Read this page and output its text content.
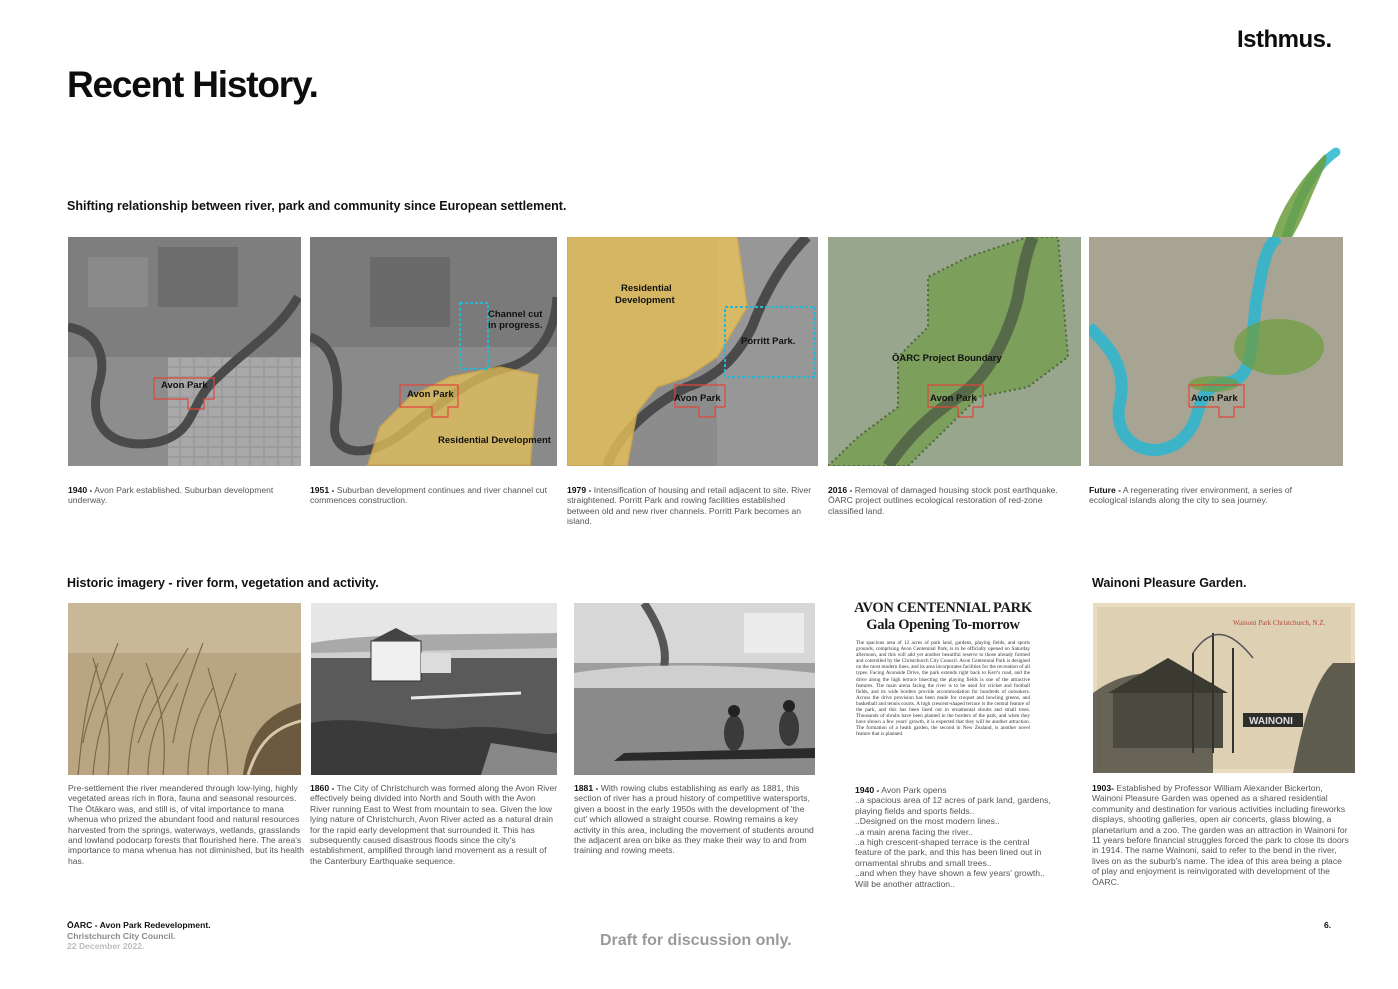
Isthmus.
Recent History.
Shifting relationship between river, park and community since European settlement.
Avon Park
Avon Park
Residential Development
Channel cut
in progress.
Residential
Development
Porritt Park.
Avon Park
ŌARC Project Boundary
Avon Park	Avon Park
1940 - Avon Park established. Suburban development underway.
1951 - Suburban development continues and river channel cut commences construction.
1979 - Intensification of housing and retail adjacent to site. River straightened. Porritt Park and rowing facilities established between old and new river channels. Porritt Park becomes an island.
2016 - Removal of damaged housing stock post earthquake. ŌARC project outlines ecological restoration of red-zone classified land.
Future - A regenerating river environment, a series of ecological islands along the city to sea journey.
Historic imagery - river form, vegetation and activity.	Wainoni Pleasure Garden.
AVON CENTENNIAL PARK
Gala Opening To-morrow
The spacious area of 12 acres of park land, gardens, playing fields, and sports grounds, comprising Avon Centennial Park, is to be officially opened on Saturday afternoon, and this will add yet another beautiful reserve to those already formed and controlled by the Christchurch City Council. Avon Centennial Park is designed on the most modern lines, and its area incorporates facilities for the recreation of all types. Facing Avonside Drive, the park extends right back to Kerr's road, and the drive along the high terrace bisecting the playing fields is one of the attractive features. The main arena facing the river is to be used for cricket and football fields, and its wide borders provide accommodation for hundreds of onlookers. Across the drive provision has been made for croquet and bowling greens, and basketball and tennis courts. A high crescent-shaped terrace is the central feature of the park, and this has been lined out in ornamental shrubs and small trees. Thousands of shrubs have been planted in the borders of the park, and when they have shown a few years' growth, it is expected that they will be another attraction. The formation of a heath garden, the second in New Zealand, is another novel feature that is planned.
Wainoni Park Christchurch, N.Z.
WAINONI
Pre-settlement the river meandered through low-lying, highly vegetated areas rich in flora, fauna and seasonal resources. The Ōtākaro was, and still is, of vital importance to mana whenua who prized the abundant food and natural resources harvested from the springs, waterways, wetlands, grasslands and lowland podocarp forests that flourished here. The area's importance to mana whenua has not diminished, but its health has.
1860 - The City of Christchurch was formed along the Avon River effectively being divided into North and South with the Avon River running East to West from mountain to sea. Given the low lying nature of Christchurch, Avon River acted as a natural drain for the rapid early development that surrounded it. This has subsequently caused disastrous floods since the city's establishment, amplified through land movement as a result of the Canterbury Earthquake sequence.
1881 - With rowing clubs establishing as early as 1881, this section of river has a proud history of competitive watersports, given a boost in the early 1950s with the development of 'the cut' which allowed a straight course. Rowing remains a key activity in this area, including the movement of students around the adjacent area on bike as they make their way to and from training and rowing meets.
1940 - Avon Park opens
..a spacious area of 12 acres of park land, gardens, playing fields and sports fields..
..Designed on the most modern lines..
..a main arena facing the river..
..a high crescent-shaped terrace is the central feature of the park, and this has been lined out in ornamental shrubs and small trees..
..and when they have shown a few years' growth.. Will be another attraction..
1903- Established by Professor William Alexander Bickerton, Wainoni Pleasure Garden was opened as a shared residential community and destination for various activities including fireworks displays, shooting galleries, open air concerts, glass blowing, a planetarium and a zoo. The garden was an attraction in Wainoni for 11 years before financial struggles forced the park to close its doors in 1914. The name Wainoni, said to refer to the bend in the river, lives on as the suburb's name. The idea of this area being a place of play and enjoyment is reinvigorated with development of the ŌARC.
ŌARC - Avon Park Redevelopment.
Christchurch City Council.
22 December 2022.	Draft for discussion only.
6.
